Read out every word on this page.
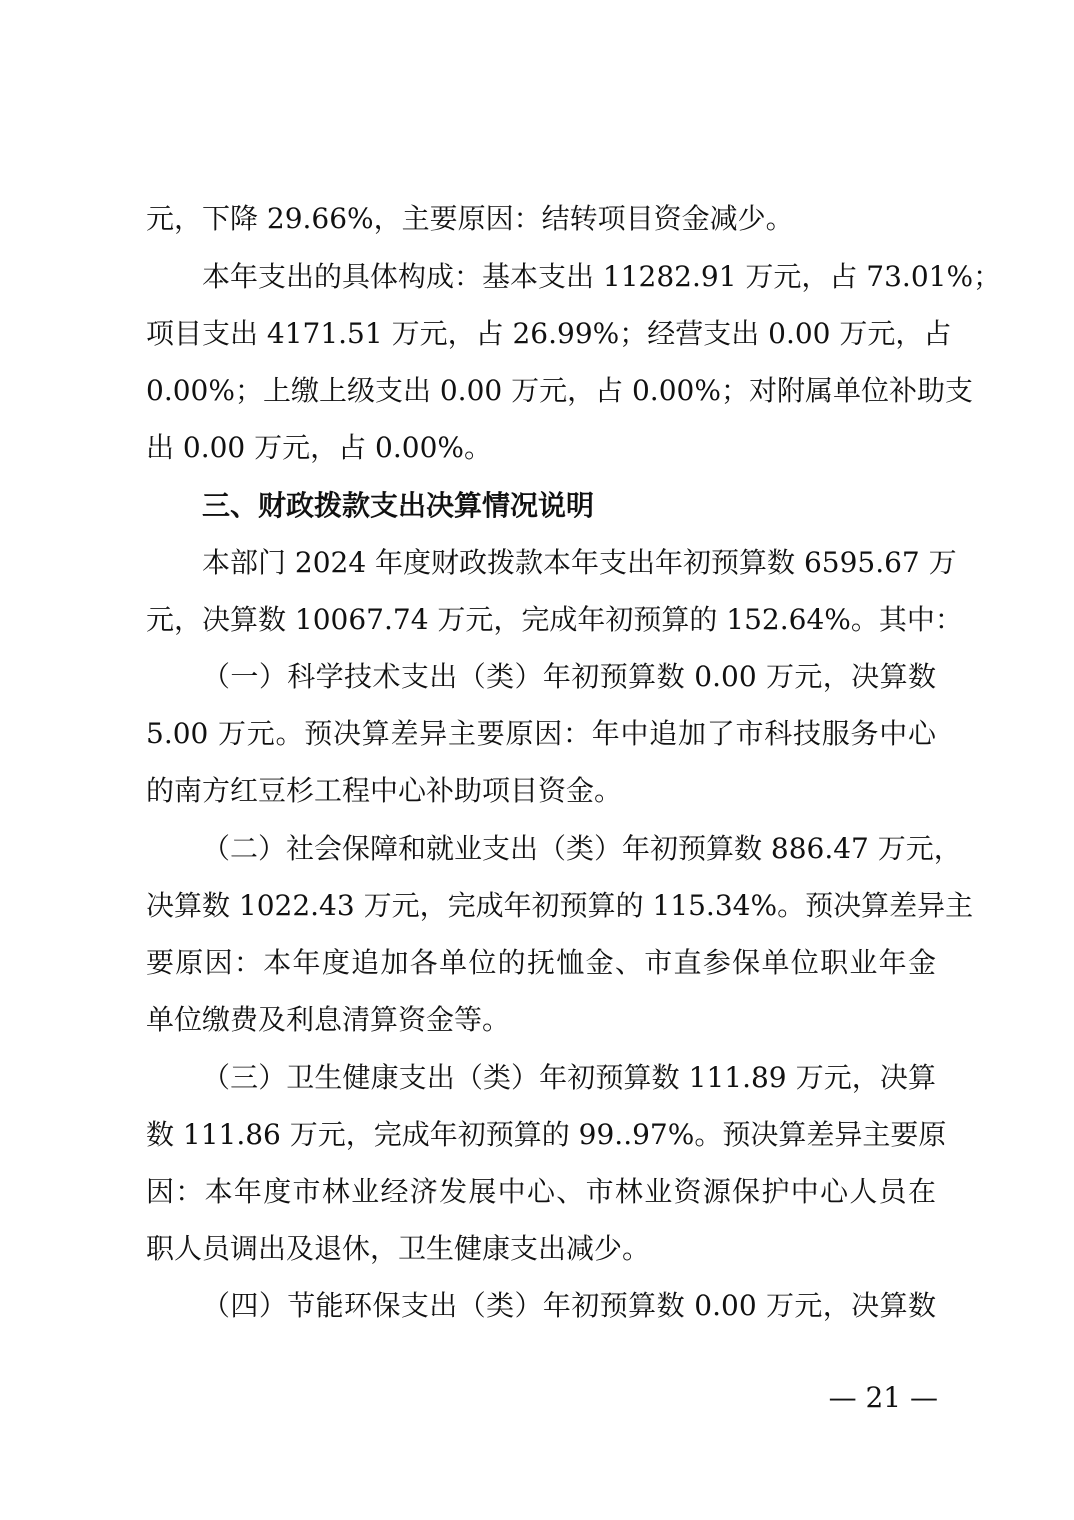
元，下降 29.66%，主要原因：结转项目资金减少。
本年支出的具体构成：基本支出 11282.91 万元，占 73.01%；
项目支出 4171.51 万元，占 26.99%；经营支出 0.00 万元，占
0.00%；上缴上级支出 0.00 万元，占 0.00%；对附属单位补助支
出 0.00 万元，占 0.00%。
三、财政拨款支出决算情况说明
本部门 2024 年度财政拨款本年支出年初预算数 6595.67 万
元，决算数 10067.74 万元，完成年初预算的 152.64%。其中：
（一）科学技术支出（类）年初预算数 0.00 万元，决算数
5.00 万元。预决算差异主要原因：年中追加了市科技服务中心
的南方红豆杉工程中心补助项目资金。
（二）社会保障和就业支出（类）年初预算数 886.47 万元，
决算数 1022.43 万元，完成年初预算的 115.34%。预决算差异主
要原因：本年度追加各单位的抚恤金、市直参保单位职业年金
单位缴费及利息清算资金等。
（三）卫生健康支出（类）年初预算数 111.89 万元，决算
数 111.86 万元，完成年初预算的 99..97%。预决算差异主要原
因：本年度市林业经济发展中心、市林业资源保护中心人员在
职人员调出及退休，卫生健康支出减少。
（四）节能环保支出（类）年初预算数 0.00 万元，决算数
— 21 —
